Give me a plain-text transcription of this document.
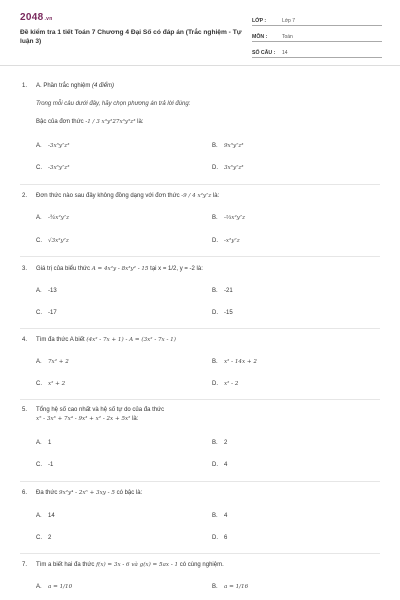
2048.vn
Đề kiểm tra 1 tiết Toán 7 Chương 4 Đại Số có đáp án (Trắc nghiệm - Tự luận 3)
LỚP :	Lớp 7
MÔN :	Toán
SỐ CÂU :	14
1. A. Phần trắc nghiệm (4 điểm)
Trong mỗi câu dưới đây, hãy chọn phương án trả lời đúng:
Bậc của đơn thức -1 / 3 x³y²27x³y⁵z³ là:
A. -3x⁵y⁷z³	B. 9x⁵y⁷z³
C. -3x⁶y⁷z³	D. 3x⁶y⁷z³
2. Đơn thức nào sau đây không đồng dạng với đơn thức -9 / 4 x²y⁷z là:
A. -¾x²y⁷z	B. -⅔x²y⁷z
C. √3x²y⁷z	D. -x²y⁷z
3. Giá trị của biểu thức A = 4x²y - 8x³y² - 15 tại x = 1/2, y = -2 là:
A. -13	B. -21
C. -17	D. -15
4. Tìm đa thức A biết (4x² - 7x + 1) - A = (3x² - 7x - 1)
A. 7x² + 2	B. x² - 14x + 2
C. x² + 2	D. x² - 2
5. Tổng hệ số cao nhất và hệ số tự do của đa thức
x⁵ - 3x³ + 7x⁴ - 9x³ + x² - 2x + 5x² là:
A. 1	B. 2
C. -1	D. 4
6. Đa thức 9x²y⁴ - 2x⁶ + 3xy - 5 có bậc là:
A. 14	B. 4
C. 2	D. 6
7. Tìm a biết hai đa thức f(x) = 3x - 6 và g(x) = 5ax - 1 có cùng nghiệm.
A. a = 1/10	B. a = 1/16
